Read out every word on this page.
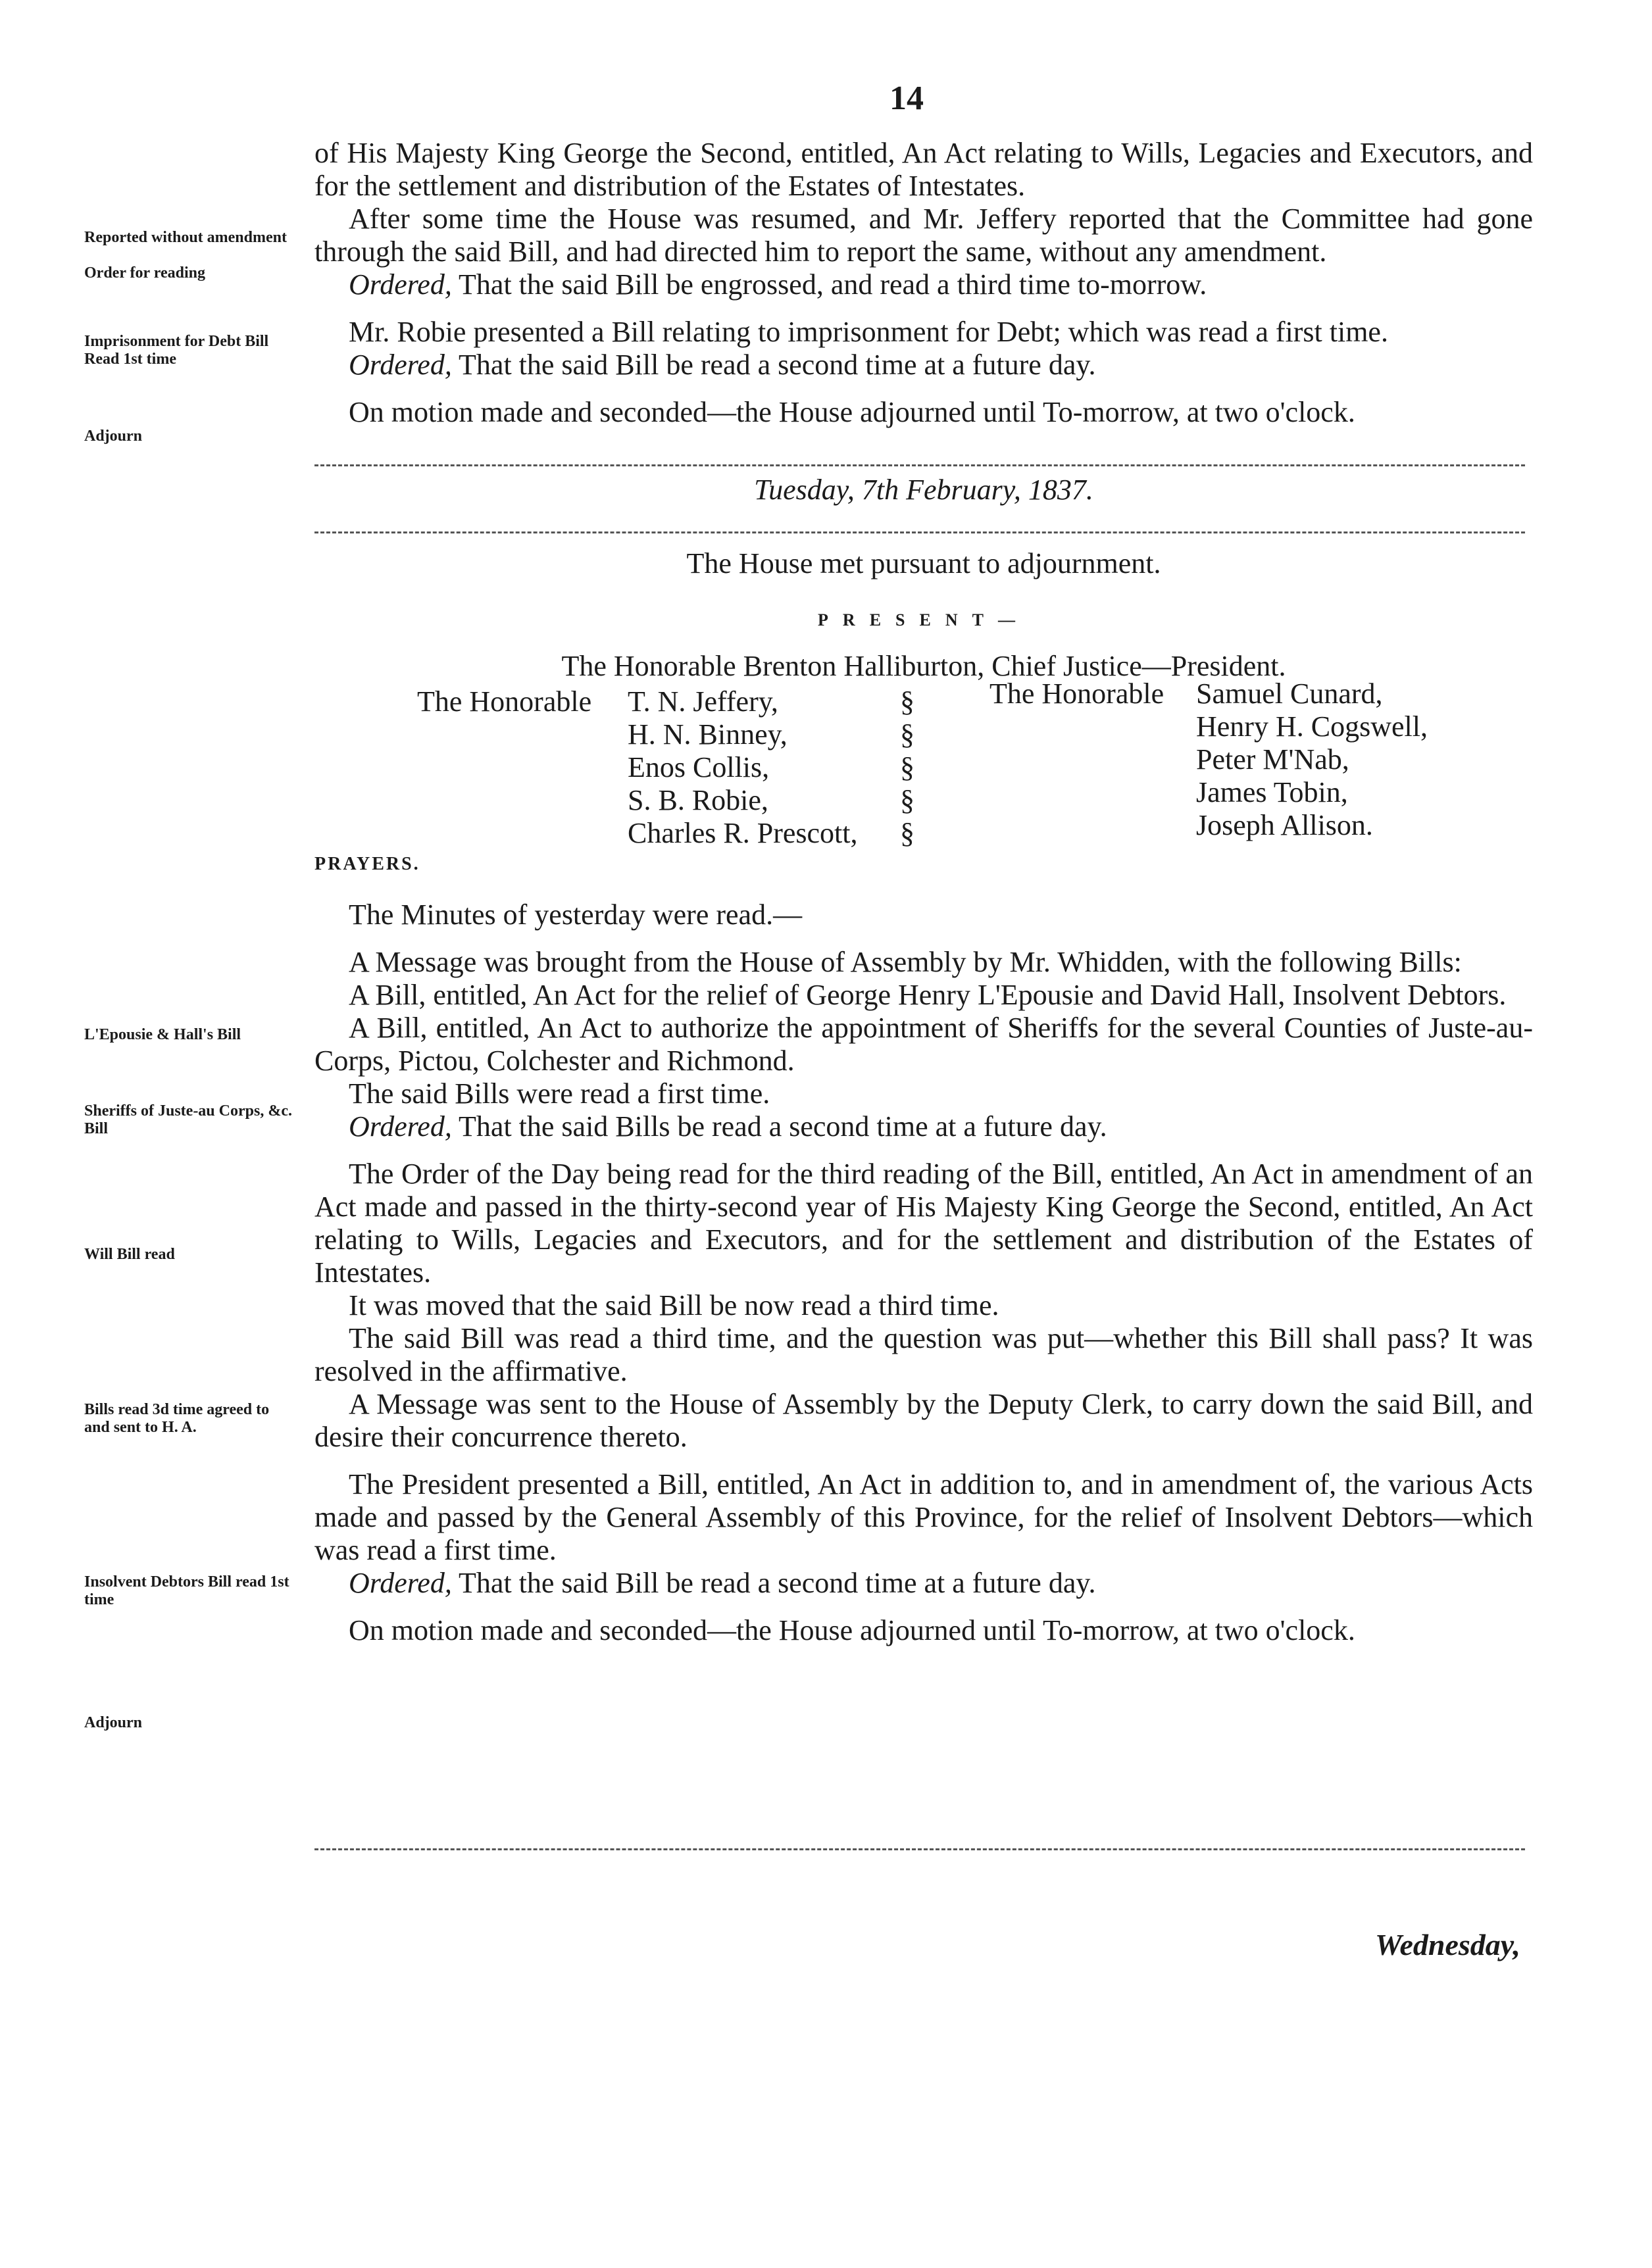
14

of His Majesty King George the Second, entitled, An Act relating to Wills, Legacies and Executors, and for the settlement and distribution of the Estates of Intestates.

After some time the House was resumed, and Mr. Jeffery reported that the Committee had gone through the said Bill, and had directed him to report the same, without any amendment.

Ordered, That the said Bill be engrossed, and read a third time to-morrow.

Mr. Robie presented a Bill relating to imprisonment for Debt; which was read a first time.

Ordered, That the said Bill be read a second time at a future day.

On motion made and seconded—the House adjourned until To-morrow, at two o'clock.

Reported without amendment
Order for reading
Imprisonment for Debt Bill Read 1st time
Adjourn
Tuesday, 7th February, 1837.
The House met pursuant to adjournment.
PRESENT—
The Honorable Brenton Halliburton, Chief Justice—President.
The Honorable T. N. Jeffery,
H. N. Binney,
Enos Collis,
S. B. Robie,
Charles R. Prescott,
§
§
§
§
§
The Honorable Samuel Cunard,
Henry H. Cogswell,
Peter M'Nab,
James Tobin,
Joseph Allison.
PRAYERS.

The Minutes of yesterday were read.—

A Message was brought from the House of Assembly by Mr. Whidden, with the following Bills:

A Bill, entitled, An Act for the relief of George Henry L'Epousie and David Hall, Insolvent Debtors.

A Bill, entitled, An Act to authorize the appointment of Sheriffs for the several Counties of Juste-au-Corps, Pictou, Colchester and Richmond.

The said Bills were read a first time.

Ordered, That the said Bills be read a second time at a future day.

The Order of the Day being read for the third reading of the Bill, entitled, An Act in amendment of an Act made and passed in the thirty-second year of His Majesty King George the Second, entitled, An Act relating to Wills, Legacies and Executors, and for the settlement and distribution of the Estates of Intestates.

It was moved that the said Bill be now read a third time.

The said Bill was read a third time, and the question was put—whether this Bill shall pass? It was resolved in the affirmative.

A Message was sent to the House of Assembly by the Deputy Clerk, to carry down the said Bill, and desire their concurrence thereto.

The President presented a Bill, entitled, An Act in addition to, and in amendment of, the various Acts made and passed by the General Assembly of this Province, for the relief of Insolvent Debtors—which was read a first time.

Ordered, That the said Bill be read a second time at a future day.

On motion made and seconded—the House adjourned until To-morrow, at two o'clock.

L'Epousie & Hall's Bill
Sheriffs of Juste-au Corps, &c. Bill
Will Bill read
Bills read 3d time agreed to and sent to H. A.
Insolvent Debtors Bill read 1st time
Adjourn
Wednesday,
